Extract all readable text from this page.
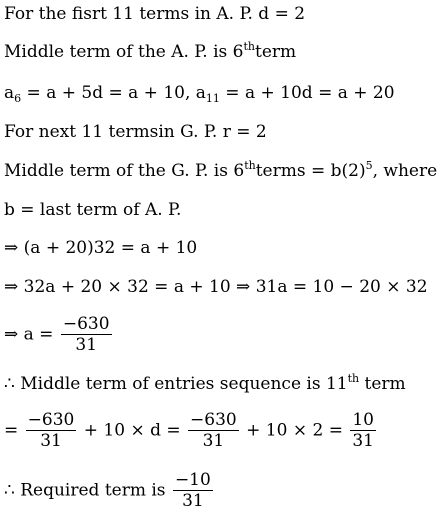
For the fisrt 11 terms in A. P. d = 2
Middle term of the A. P. is 6thterm
$a_6 = a + 5d = a + 10$, $a_{11} = a + 10d = a + 20$
For next 11 termsin G. P. r = 2
Middle term of the G. P. is 6thterms = $b(2)^5$, where
b = last term of A. P.
⇒ (a + 20)32 = a + 10
⇒ 32a + 20 × 32 = a + 10 ⇒ 31a = 10 − 20 × 32
⇒ $a = \frac{-630}{31}$
∴ Middle term of entries sequence is 11th term
= $\frac{-630}{31} + 10 \times d = \frac{-630}{31} + 10 \times 2 = \frac{10}{31}$
∴ Required term is $\frac{-10}{31}$
